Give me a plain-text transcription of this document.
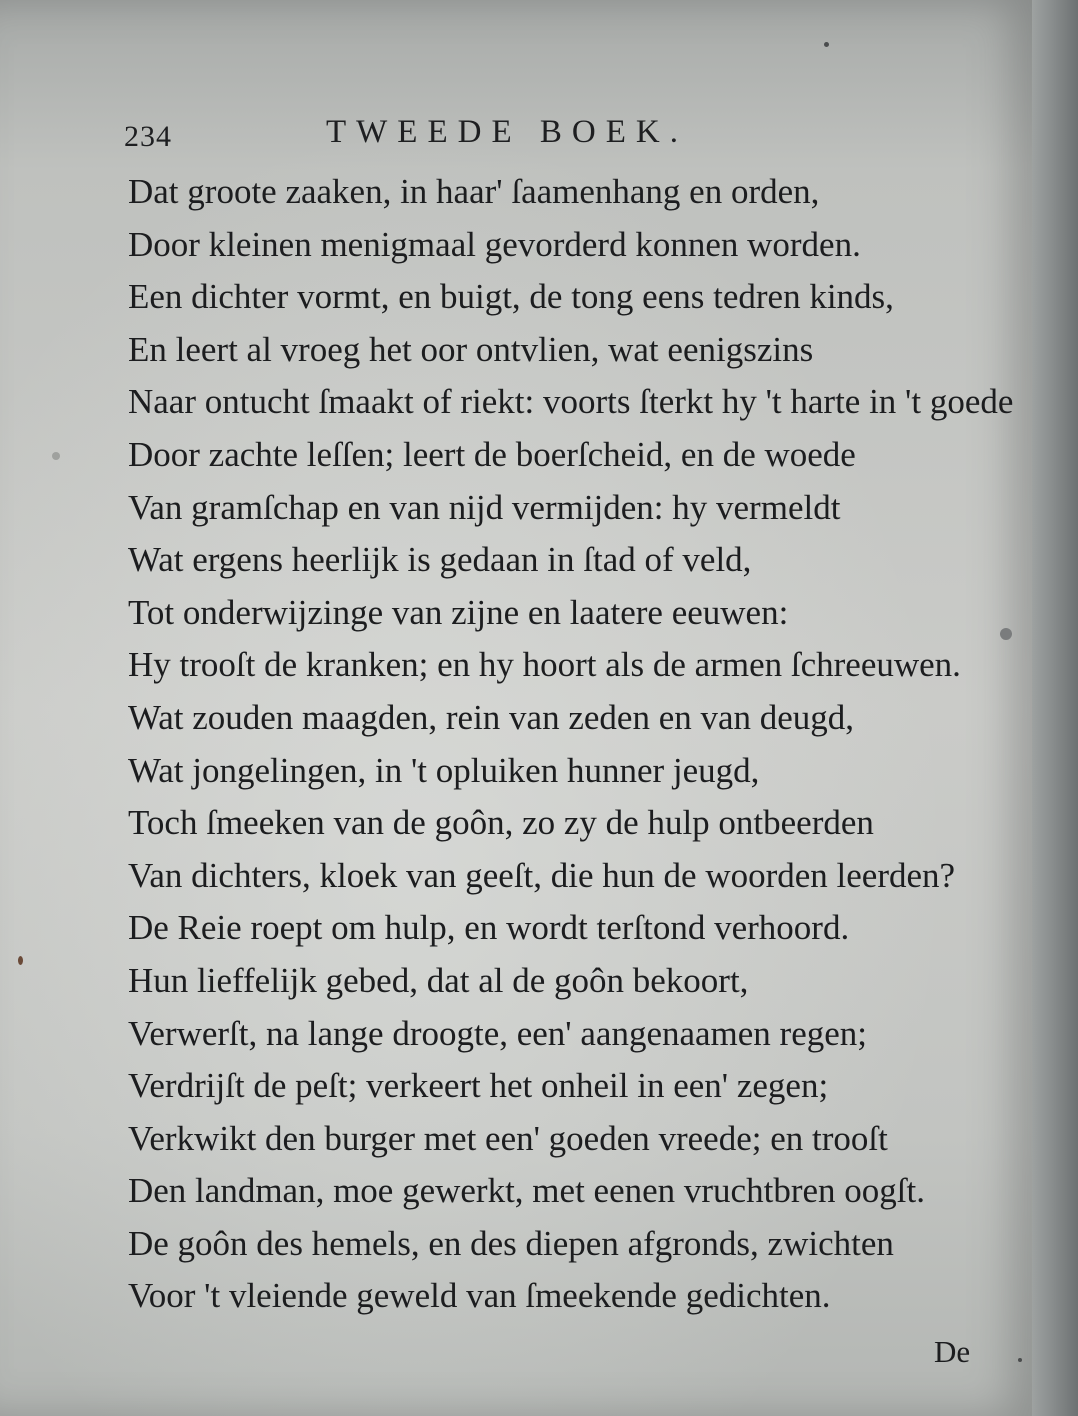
234	TWEEDE BOEK.
Dat groote zaaken, in haar' ſaamenhang en orden,
Door kleinen menigmaal gevorderd konnen worden.
Een dichter vormt, en buigt, de tong eens tedren kinds,
En leert al vroeg het oor ontvlien, wat eenigszins
Naar ontucht ſmaakt of riekt: voorts ſterkt hy 't harte in 't goede
Door zachte leſſen; leert de boerſcheid, en de woede
Van gramſchap en van nijd vermijden: hy vermeldt
Wat ergens heerlijk is gedaan in ſtad of veld,
Tot onderwijzinge van zijne en laatere eeuwen:
Hy trooſt de kranken; en hy hoort als de armen ſchreeuwen.
Wat zouden maagden, rein van zeden en van deugd,
Wat jongelingen, in 't opluiken hunner jeugd,
Toch ſmeeken van de goôn, zo zy de hulp ontbeerden
Van dichters, kloek van geeſt, die hun de woorden leerden?
De Reie roept om hulp, en wordt terſtond verhoord.
Hun lieffelijk gebed, dat al de goôn bekoort,
Verwerſt, na lange droogte, een' aangenaamen regen;
Verdrijſt de peſt; verkeert het onheil in een' zegen;
Verkwikt den burger met een' goeden vreede; en trooſt
Den landman, moe gewerkt, met eenen vruchtbren oogſt.
De goôn des hemels, en des diepen afgronds, zwichten
Voor 't vleiende geweld van ſmeekende gedichten.
De
